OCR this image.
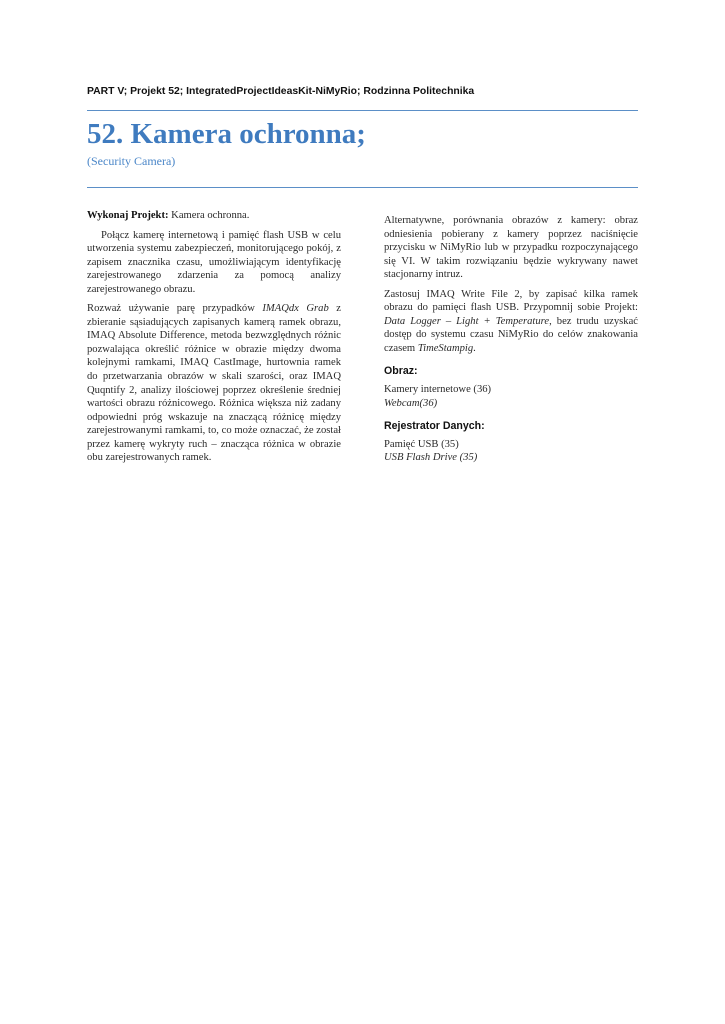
PART V; Projekt 52; IntegratedProjectIdeasKit-NiMyRio; Rodzinna Politechnika
52. Kamera ochronna;
(Security Camera)

Wykonaj Projekt: Kamera ochronna.

Połącz kamerę internetową i pamięć flash USB w celu utworzenia systemu zabezpieczeń, monitorującego pokój, z zapisem znacznika czasu, umożliwiającym identyfikację zarejestrowanego zdarzenia za pomocą analizy zarejestrowanego obrazu.

Rozważ używanie parę przypadków IMAQdx Grab z zbieranie sąsiadujących zapisanych kamerą ramek obrazu, IMAQ Absolute Difference, metoda bezwzględnych różnic pozwalająca określić różnice w obrazie między dwoma kolejnymi ramkami, IMAQ CastImage, hurtownia ramek do przetwarzania obrazów w skali szarości, oraz IMAQ Quqntify 2, analizy ilościowej poprzez określenie średniej wartości obrazu różnicowego. Różnica większa niż zadany odpowiedni próg wskazuje na znaczącą różnicę między zarejestrowanymi ramkami, to, co może oznaczać, że został przez kamerę wykryty ruch – znacząca różnica w obrazie obu zarejestrowanych ramek.

Alternatywne, porównania obrazów z kamery: obraz odniesienia pobierany z kamery poprzez naciśnięcie przycisku w NiMyRio lub w przypadku rozpoczynającego się VI. W takim rozwiązaniu będzie wykrywany nawet stacjonarny intruz.

Zastosuj IMAQ Write File 2, by zapisać kilka ramek obrazu do pamięci flash USB. Przypomnij sobie Projekt: Data Logger – Light + Temperature, bez trudu uzyskać dostęp do systemu czasu NiMyRio do celów znakowania czasem TimeStampig.

Obraz:
Kamery internetowe (36)
Webcam(36)
Rejestrator Danych:
Pamięć USB (35)
USB Flash Drive (35)
